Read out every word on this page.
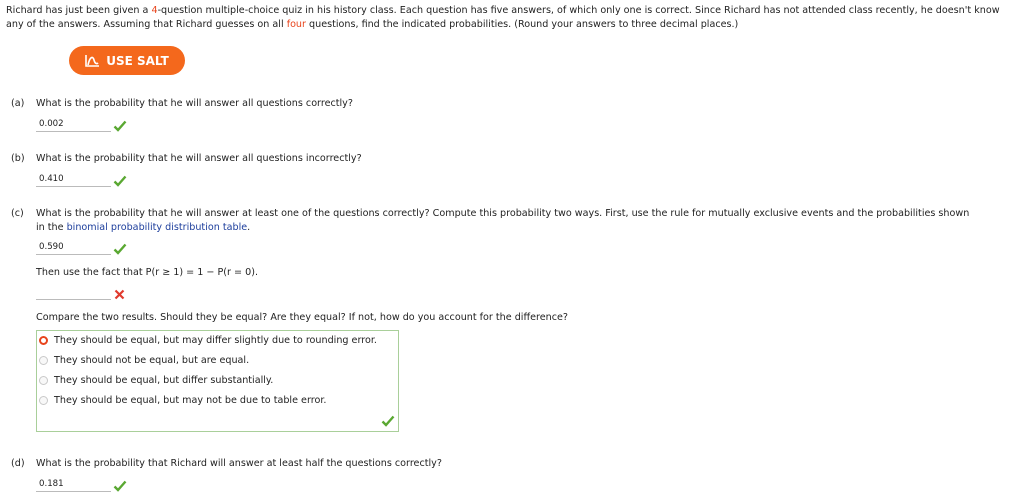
Richard has just been given a 4-question multiple-choice quiz in his history class. Each question has five answers, of which only one is correct. Since Richard has not attended class recently, he doesn't know any of the answers. Assuming that Richard guesses on all four questions, find the indicated probabilities. (Round your answers to three decimal places.)
USE SALT
(a) What is the probability that he will answer all questions correctly?
0.002
(b) What is the probability that he will answer all questions incorrectly?
0.410
(c) What is the probability that he will answer at least one of the questions correctly? Compute this probability two ways. First, use the rule for mutually exclusive events and the probabilities shown
in the binomial probability distribution table.
0.590
Then use the fact that P(r ≥ 1) = 1 − P(r = 0).
Compare the two results. Should they be equal? Are they equal? If not, how do you account for the difference?
They should be equal, but may differ slightly due to rounding error.
They should not be equal, but are equal.
They should be equal, but differ substantially.
They should be equal, but may not be due to table error.
(d) What is the probability that Richard will answer at least half the questions correctly?
0.181
